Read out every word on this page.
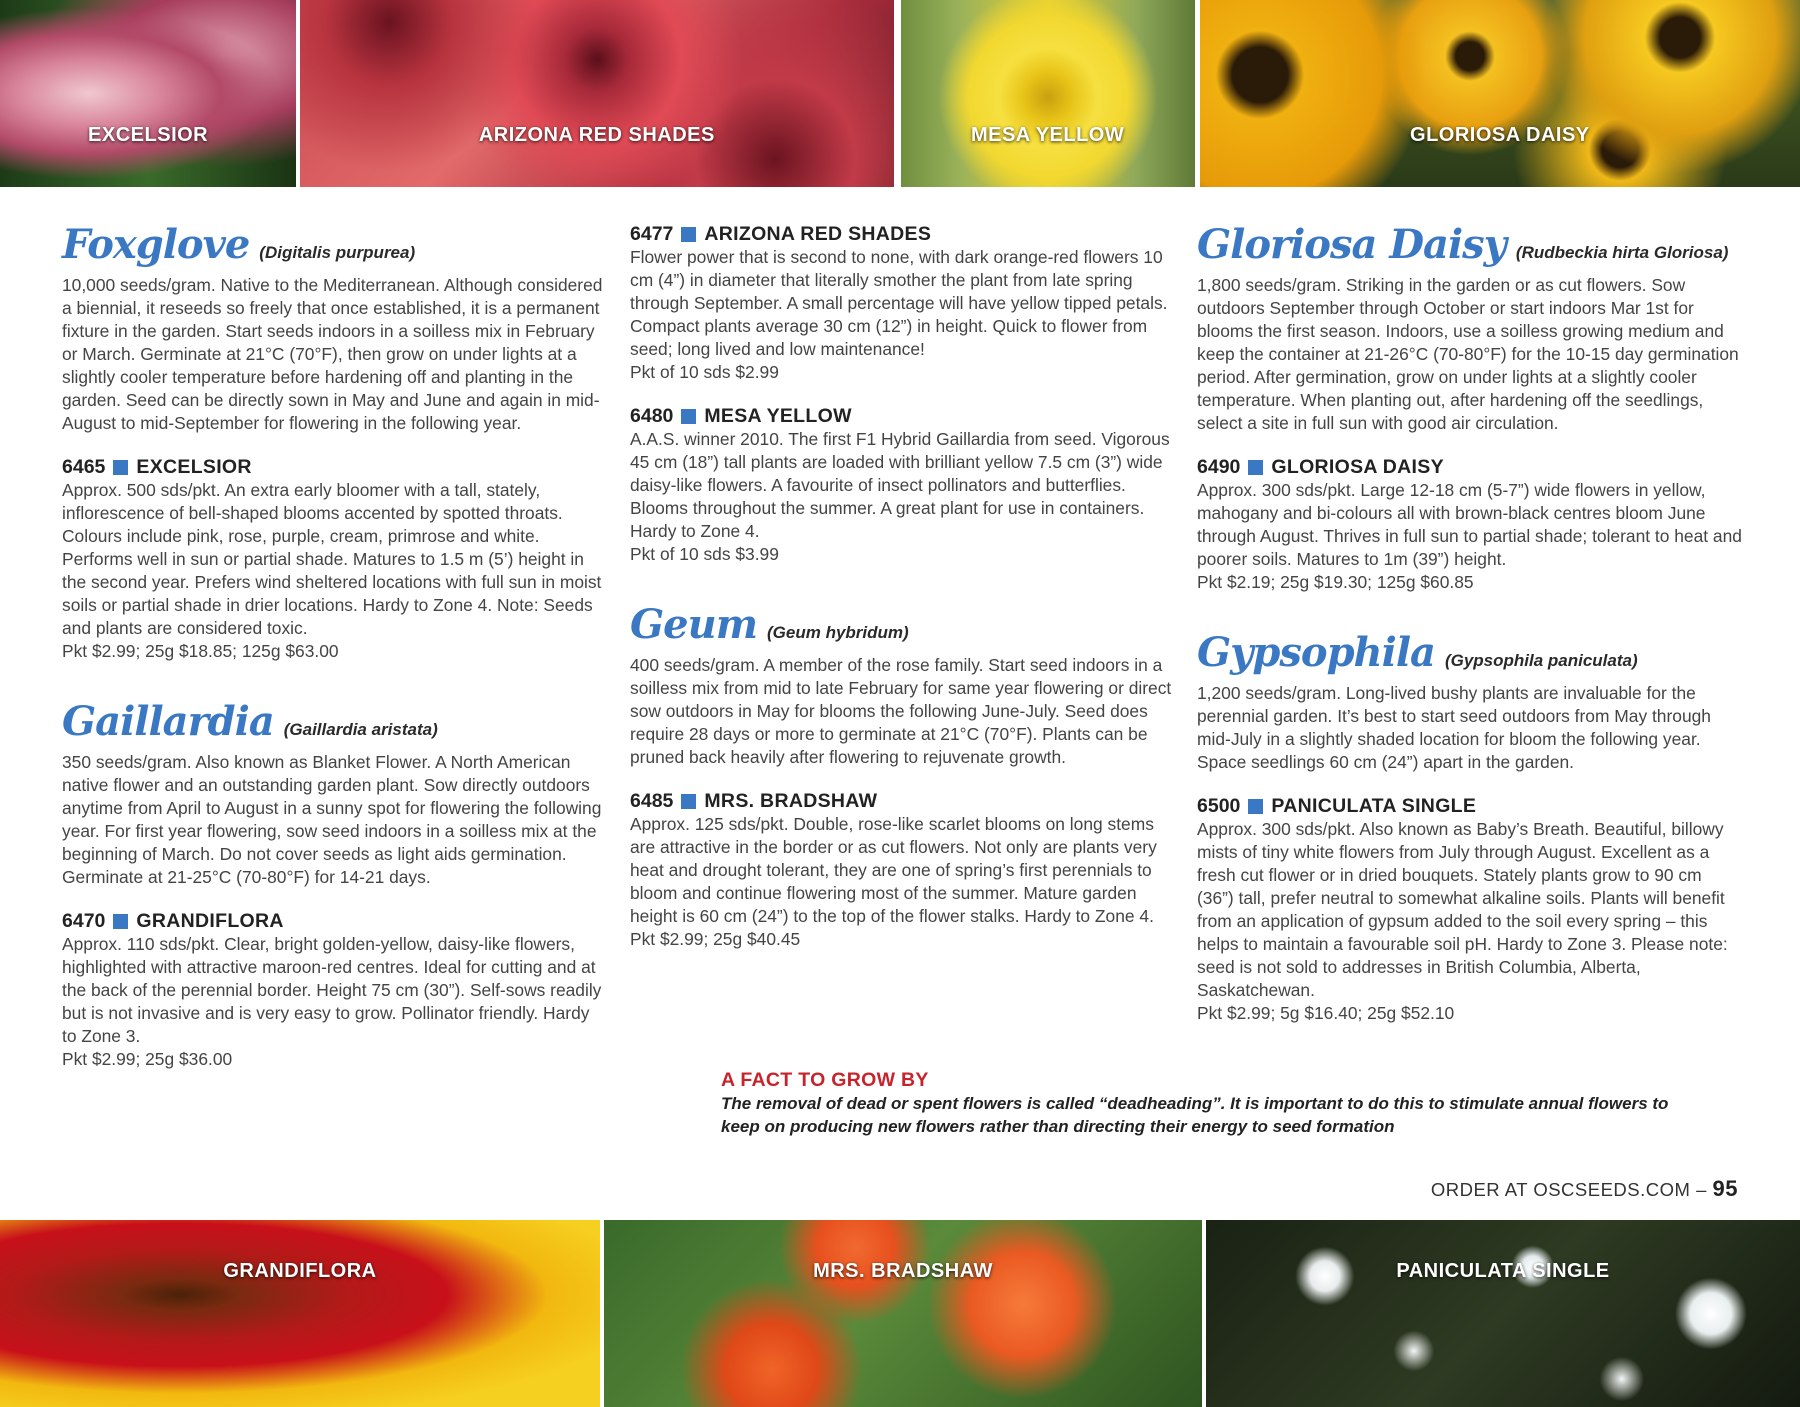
EXCELSIOR	ARIZONA RED SHADES	MESA YELLOW	GLORIOSA DAISY
Foxglove (Digitalis purpurea)

10,000 seeds/gram. Native to the Mediterranean. Although considered a biennial, it reseeds so freely that once established, it is a permanent fixture in the garden. Start seeds indoors in a soilless mix in February or March. Germinate at 21°C (70°F), then grow on under lights at a slightly cooler temperature before hardening off and planting in the garden. Seed can be directly sown in May and June and again in mid-August to mid-September for flowering in the following year.

6465 EXCELSIOR

Approx. 500 sds/pkt. An extra early bloomer with a tall, stately, inflorescence of bell-shaped blooms accented by spotted throats. Colours include pink, rose, purple, cream, primrose and white. Performs well in sun or partial shade. Matures to 1.5 m (5’) height in the second year. Prefers wind sheltered locations with full sun in moist soils or partial shade in drier locations. Hardy to Zone 4. Note: Seeds and plants are considered toxic.

Pkt $2.99; 25g $18.85; 125g $63.00

Gaillardia (Gaillardia aristata)

350 seeds/gram. Also known as Blanket Flower. A North American native flower and an outstanding garden plant. Sow directly outdoors anytime from April to August in a sunny spot for flowering the following year. For first year flowering, sow seed indoors in a soilless mix at the beginning of March. Do not cover seeds as light aids germination. Germinate at 21-25°C (70-80°F) for 14-21 days.

6470 GRANDIFLORA

Approx. 110 sds/pkt. Clear, bright golden-yellow, daisy-like flowers, highlighted with attractive maroon-red centres. Ideal for cutting and at the back of the perennial border. Height 75 cm (30”). Self-sows readily but is not invasive and is very easy to grow. Pollinator friendly. Hardy to Zone 3.

Pkt $2.99; 25g $36.00

6477 ARIZONA RED SHADES

Flower power that is second to none, with dark orange-red flowers 10 cm (4”) in diameter that literally smother the plant from late spring through September. A small percentage will have yellow tipped petals. Compact plants average 30 cm (12”) in height. Quick to flower from seed; long lived and low maintenance!

Pkt of 10 sds $2.99

6480 MESA YELLOW

A.A.S. winner 2010. The first F1 Hybrid Gaillardia from seed. Vigorous 45 cm (18”) tall plants are loaded with brilliant yellow 7.5 cm (3”) wide daisy-like flowers. A favourite of insect pollinators and butterflies. Blooms throughout the summer. A great plant for use in containers. Hardy to Zone 4.

Pkt of 10 sds $3.99

Geum (Geum hybridum)

400 seeds/gram. A member of the rose family. Start seed indoors in a soilless mix from mid to late February for same year flowering or direct sow outdoors in May for blooms the following June-July. Seed does require 28 days or more to germinate at 21°C (70°F). Plants can be pruned back heavily after flowering to rejuvenate growth.

6485 MRS. BRADSHAW

Approx. 125 sds/pkt. Double, rose-like scarlet blooms on long stems are attractive in the border or as cut flowers. Not only are plants very heat and drought tolerant, they are one of spring’s first perennials to bloom and continue flowering most of the summer. Mature garden height is 60 cm (24”) to the top of the flower stalks. Hardy to Zone 4.

Pkt $2.99; 25g $40.45

Gloriosa Daisy (Rudbeckia hirta Gloriosa)

1,800 seeds/gram. Striking in the garden or as cut flowers. Sow outdoors September through October or start indoors Mar 1st for blooms the first season. Indoors, use a soilless growing medium and keep the container at 21-26°C (70-80°F) for the 10-15 day germination period. After germination, grow on under lights at a slightly cooler temperature. When planting out, after hardening off the seedlings, select a site in full sun with good air circulation.

6490 GLORIOSA DAISY

Approx. 300 sds/pkt. Large 12-18 cm (5-7”) wide flowers in yellow, mahogany and bi-colours all with brown-black centres bloom June through August. Thrives in full sun to partial shade; tolerant to heat and poorer soils. Matures to 1m (39”) height.

Pkt $2.19; 25g $19.30; 125g $60.85

Gypsophila (Gypsophila paniculata)

1,200 seeds/gram. Long-lived bushy plants are invaluable for the perennial garden. It’s best to start seed outdoors from May through mid-July in a slightly shaded location for bloom the following year. Space seedlings 60 cm (24”) apart in the garden.

6500 PANICULATA SINGLE

Approx. 300 sds/pkt. Also known as Baby’s Breath. Beautiful, billowy mists of tiny white flowers from July through August. Excellent as a fresh cut flower or in dried bouquets. Stately plants grow to 90 cm (36”) tall, prefer neutral to somewhat alkaline soils. Plants will benefit from an application of gypsum added to the soil every spring – this helps to maintain a favourable soil pH. Hardy to Zone 3. Please note: seed is not sold to addresses in British Columbia, Alberta, Saskatchewan.

Pkt $2.99; 5g $16.40; 25g $52.10

A FACT TO GROW BY
The removal of dead or spent flowers is called “deadheading”. It is important to do this to stimulate annual flowers to keep on producing new flowers rather than directing their energy to seed formation
ORDER AT OSCSEEDS.COM – 95
GRANDIFLORA	MRS. BRADSHAW	PANICULATA SINGLE
